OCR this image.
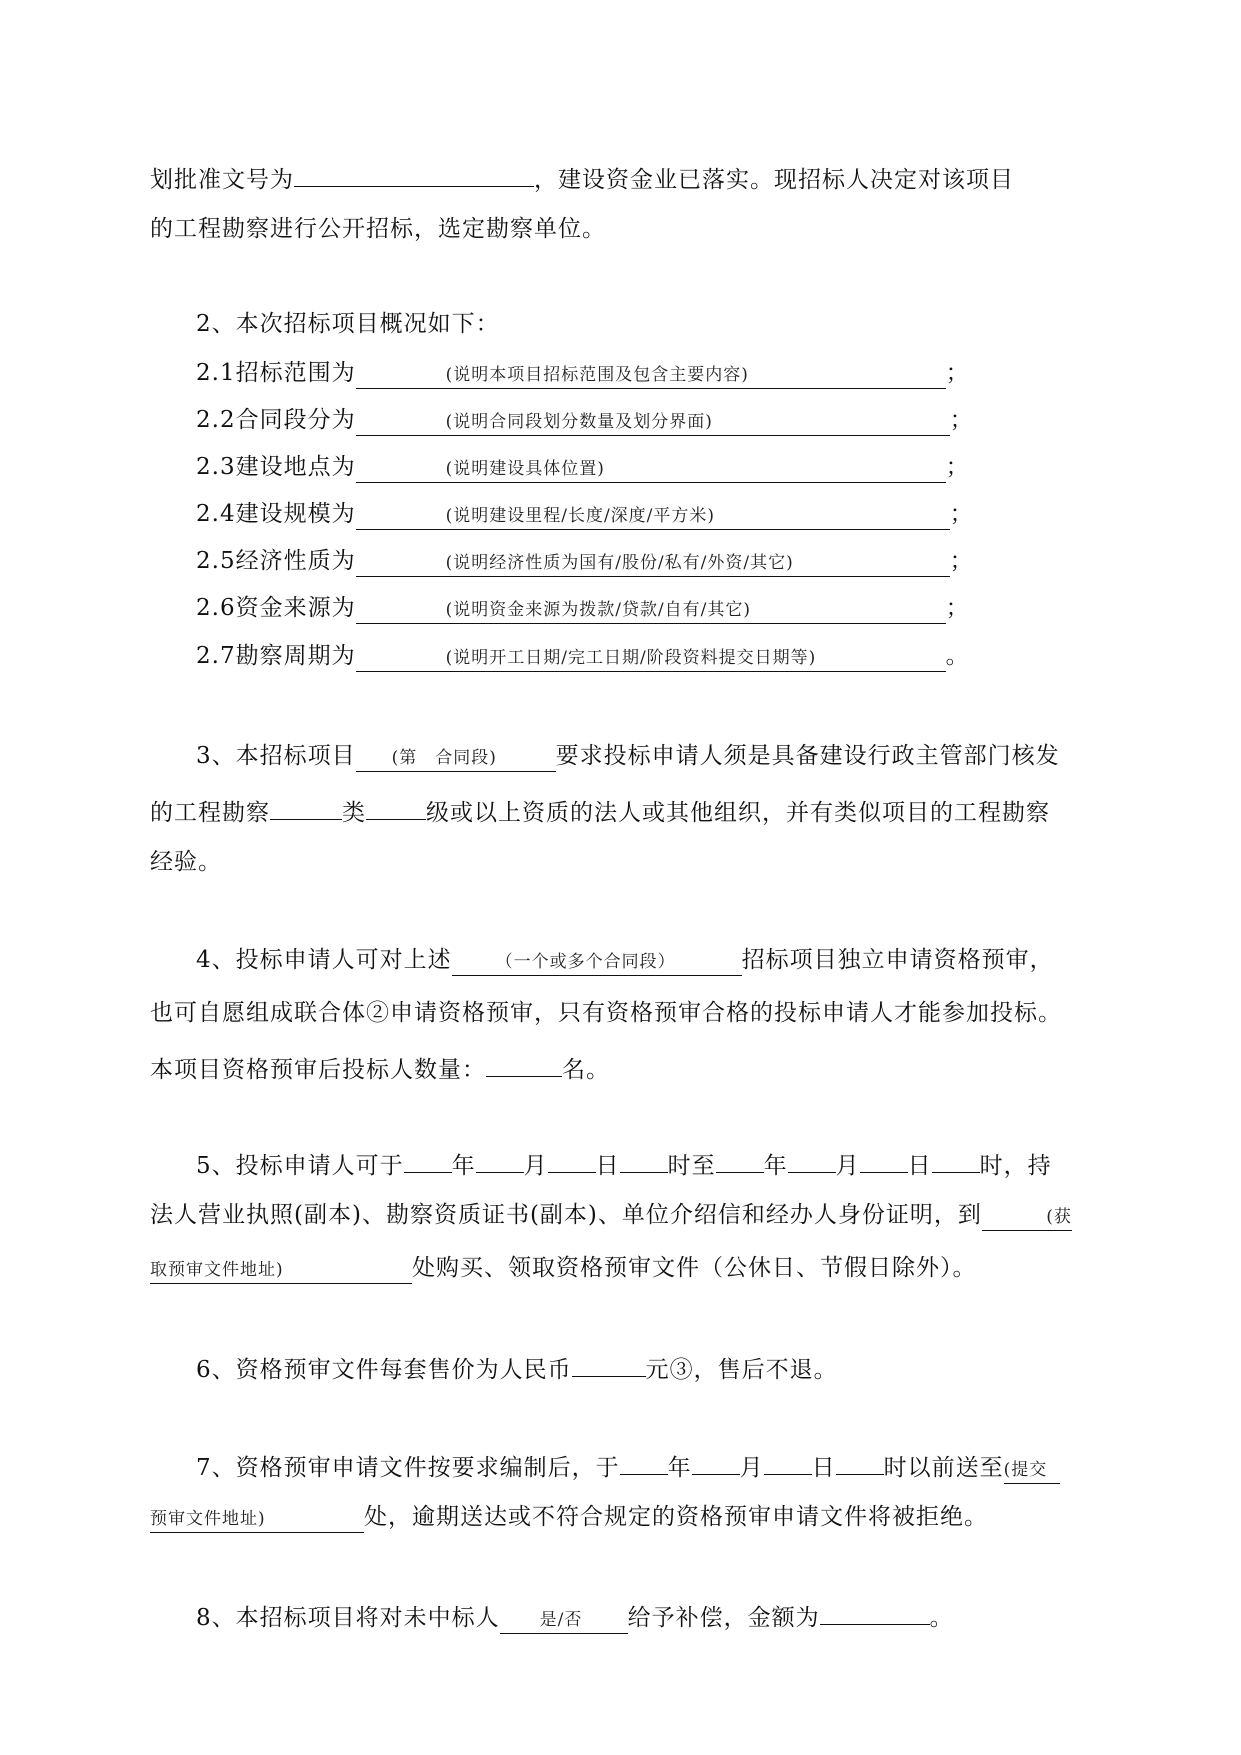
划批准文号为	，建设资金业已落实。现招标人决定对该项目
的工程勘察进行公开招标，选定勘察单位。
2、本次招标项目概况如下：
2.1招标范围为	(说明本项目招标范围及包含主要内容)	；
2.2合同段分为	(说明合同段划分数量及划分界面)	；
2.3建设地点为	(说明建设具体位置)	；
2.4建设规模为	(说明建设里程/长度/深度/平方米)	；
2.5经济性质为	(说明经济性质为国有/股份/私有/外资/其它)	；
2.6资金来源为	(说明资金来源为拨款/贷款/自有/其它)	；
2.7勘察周期为	(说明开工日期/完工日期/阶段资料提交日期等)	。
3、本招标项目 (第　合同段)	要求投标申请人须是具备建设行政主管部门核发
的工程勘察	类	级或以上资质的法人或其他组织，并有类似项目的工程勘察
经验。
4、投标申请人可对上述	（一个或多个合同段）	招标项目独立申请资格预审，
也可自愿组成联合体②申请资格预审，只有资格预审合格的投标申请人才能参加投标。
本项目资格预审后投标人数量：	名。
5、投标申请人可于 年 月 日 时至 年 月 日 时，持
法人营业执照(副本)、勘察资质证书(副本)、单位介绍信和经办人身份证明，到	(获
取预审文件地址)	处购买、领取资格预审文件（公休日、节假日除外）。
6、资格预审文件每套售价为人民币	元③，售后不退。
7、资格预审申请文件按要求编制后，于 年 月 日 时以前送至(提交
预审文件地址)	处，逾期送达或不符合规定的资格预审申请文件将被拒绝。
8、本招标项目将对未中标人 是/否 给予补偿，金额为	。
